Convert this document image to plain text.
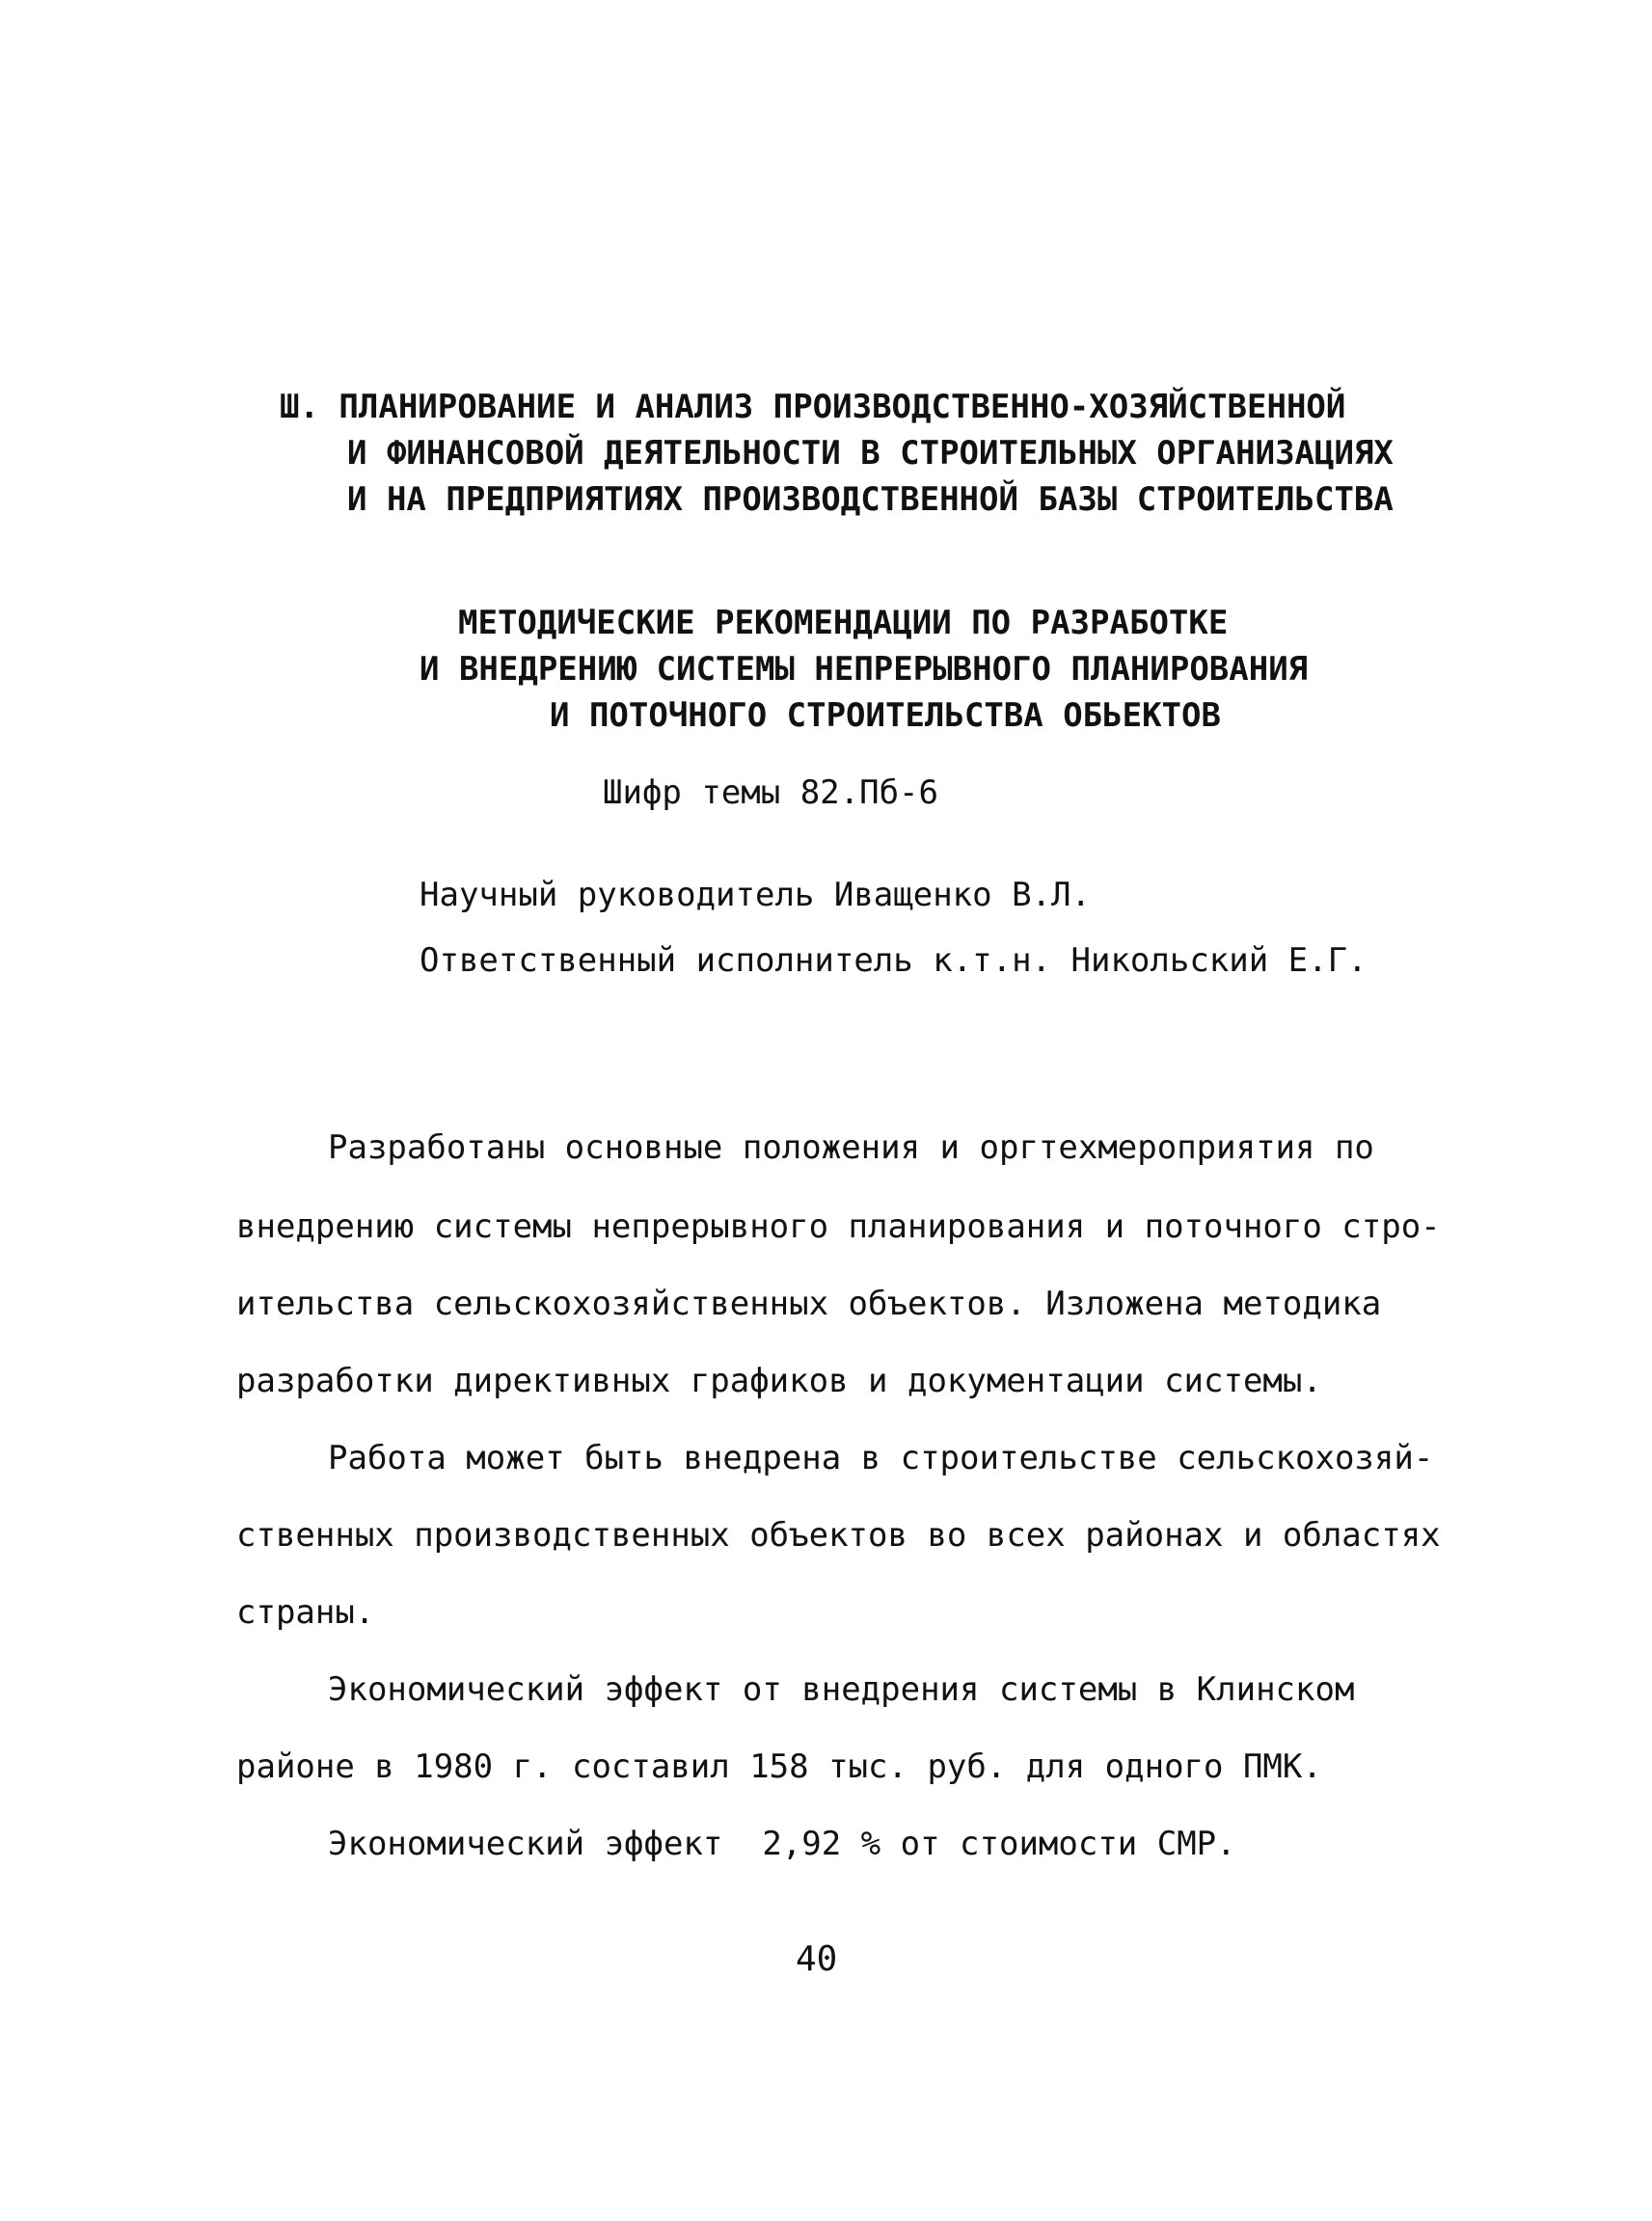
Ш. ПЛАНИРОВАНИЕ И АНАЛИЗ ПРОИЗВОДСТВЕННО-ХОЗЯЙСТВЕННОЙ
И ФИНАНСОВОЙ ДЕЯТЕЛЬНОСТИ В СТРОИТЕЛЬНЫХ ОРГАНИЗАЦИЯХ
И НА ПРЕДПРИЯТИЯХ ПРОИЗВОДСТВЕННОЙ БАЗЫ СТРОИТЕЛЬСТВА
МЕТОДИЧЕСКИЕ РЕКОМЕНДАЦИИ ПО РАЗРАБОТКЕ
И ВНЕДРЕНИЮ СИСТЕМЫ НЕПРЕРЫВНОГО ПЛАНИРОВАНИЯ
И ПОТОЧНОГО СТРОИТЕЛЬСТВА ОБЬЕКТОВ
Шифр темы 82.Пб-6
Научный руководитель Иващенко В.Л.
Ответственный исполнитель к.т.н. Никольский Е.Г.
Разработаны основные положения и оргтехмероприятия по
внедрению системы непрерывного планирования и поточного стро-
ительства сельскохозяйственных объектов. Изложена методика
разработки директивных графиков и документации системы.
Работа может быть внедрена в строительстве сельскохозяй-
ственных производственных объектов во всех районах и областях
страны.
Экономический эффект от внедрения системы в Клинском
районе в 1980 г. составил 158 тыс. руб. для одного ПМК.
Экономический эффект  2,92 % от стоимости СМР.
40
